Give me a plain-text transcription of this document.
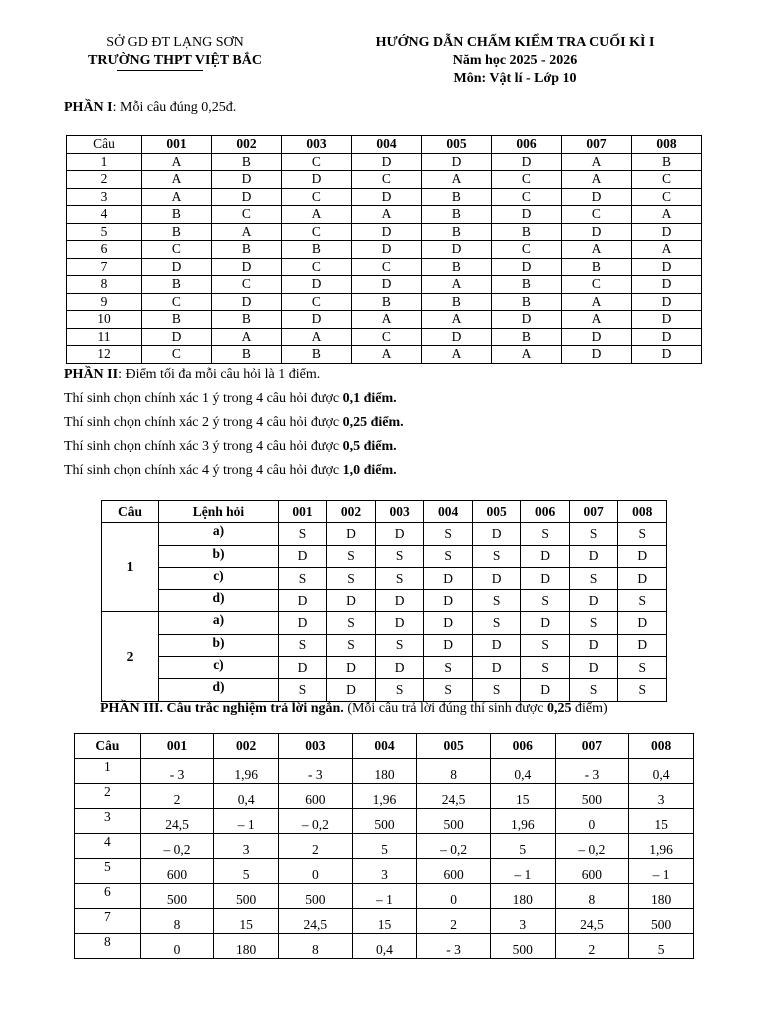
SỞ GD ĐT LẠNG SƠN
TRƯỜNG THPT VIỆT BẮC
HƯỚNG DẪN CHẤM KIỂM TRA CUỐI KÌ I
Năm học 2025 - 2026
Môn: Vật lí - Lớp 10
PHẦN I: Mỗi câu đúng 0,25đ.
Câu	001	002	003	004	005	006	007	008
1	A	B	C	D	D	D	A	B
2	A	D	D	C	A	C	A	C
3	A	D	C	D	B	C	D	C
4	B	C	A	A	B	D	C	A
5	B	A	C	D	B	B	D	D
6	C	B	B	D	D	C	A	A
7	D	D	C	C	B	D	B	D
8	B	C	D	D	A	B	C	D
9	C	D	C	B	B	B	A	D
10	B	B	D	A	A	D	A	D
11	D	A	A	C	D	B	D	D
12	C	B	B	A	A	A	D	D
PHẦN II: Điểm tối đa mỗi câu hỏi là 1 điểm.
Thí sinh chọn chính xác 1 ý trong 4 câu hỏi được 0,1 điểm.
Thí sinh chọn chính xác 2 ý trong 4 câu hỏi được 0,25 điểm.
Thí sinh chọn chính xác 3 ý trong 4 câu hỏi được 0,5 điểm.
Thí sinh chọn chính xác 4 ý trong 4 câu hỏi được 1,0 điểm.
Câu	Lệnh hỏi	001	002	003	004	005	006	007	008
1	a)	S	D	D	S	D	S	S	S
	b)	D	S	S	S	S	D	D	D
	c)	S	S	S	D	D	D	S	D
	d)	D	D	D	D	S	S	D	S
2	a)	D	S	D	D	S	D	S	D
	b)	S	S	S	D	D	S	D	D
	c)	D	D	D	S	D	S	D	S
	d)	S	D	S	S	S	D	S	S
PHẦN III. Câu trắc nghiệm trả lời ngắn. (Mỗi câu trả lời đúng thí sinh được 0,25 điểm)
Câu	001	002	003	004	005	006	007	008
1	- 3	1,96	- 3	180	8	0,4	- 3	0,4
2	2	0,4	600	1,96	24,5	15	500	3
3	24,5	– 1	– 0,2	500	500	1,96	0	15
4	– 0,2	3	2	5	– 0,2	5	– 0,2	1,96
5	600	5	0	3	600	– 1	600	– 1
6	500	500	500	– 1	0	180	8	180
7	8	15	24,5	15	2	3	24,5	500
8	0	180	8	0,4	- 3	500	2	5
